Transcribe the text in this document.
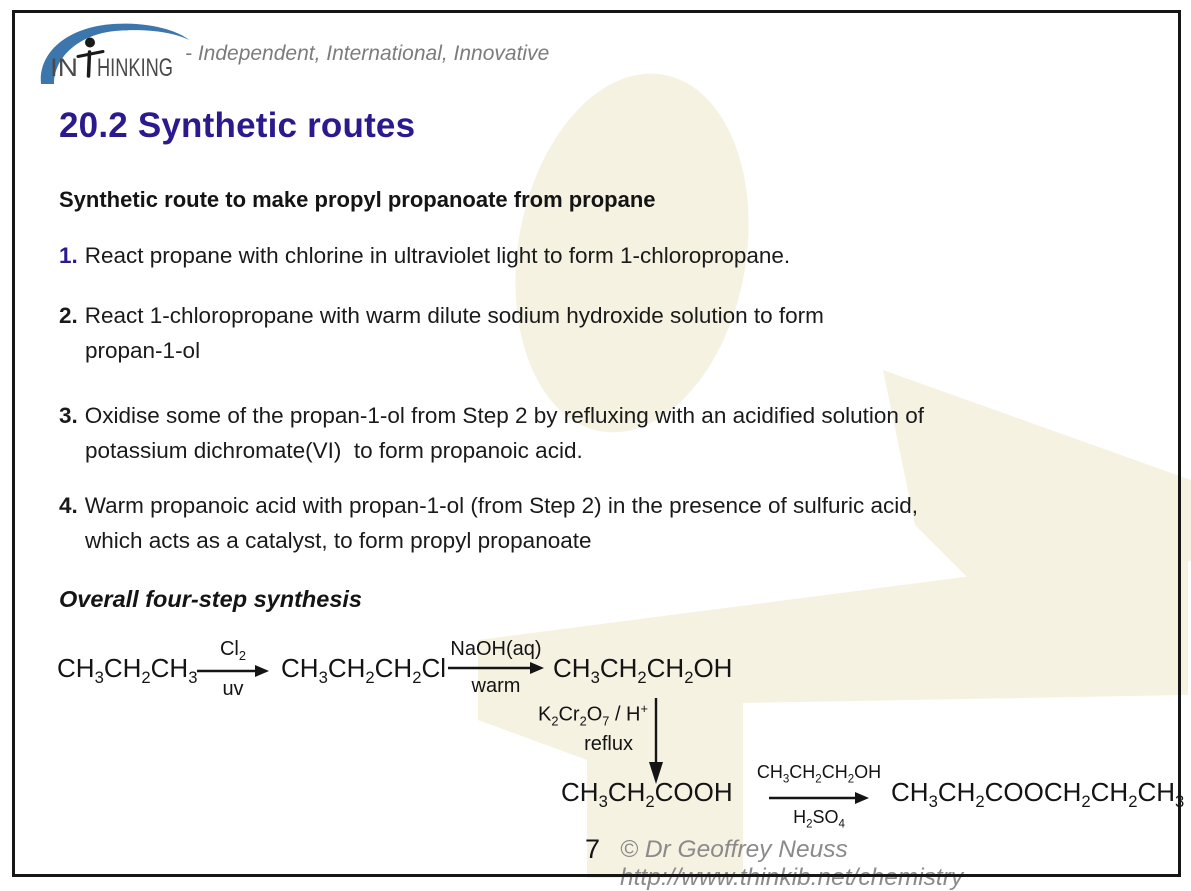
IN HINKING
- Independent, International, Innovative
20.2 Synthetic routes
Synthetic route to make propyl propanoate from propane
1. React propane with chlorine in ultraviolet light to form 1-chloropropane.
2. React 1-chloropropane with warm dilute sodium hydroxide solution to form
propan-1-ol
3. Oxidise some of the propan-1-ol from Step 2 by refluxing with an acidified solution of
potassium dichromate(VI)  to form propanoic acid.
4. Warm propanoic acid with propan-1-ol (from Step 2) in the presence of sulfuric acid,
which acts as a catalyst, to form propyl propanoate
Overall four-step synthesis
$CH_3CH_2CH_3$
$Cl_2$
uv
$CH_3CH_2CH_2Cl$
NaOH(aq)
warm
$CH_3CH_2CH_2OH$
$K_2Cr_2O_7 / H^+$
reflux
$CH_3CH_2COOH$
$CH_3CH_2CH_2OH$
$H_2SO_4$
$CH_3CH_2COOCH_2CH_2CH_3$
7 © Dr Geoffrey Neuss http://www.thinkib.net/chemistry
